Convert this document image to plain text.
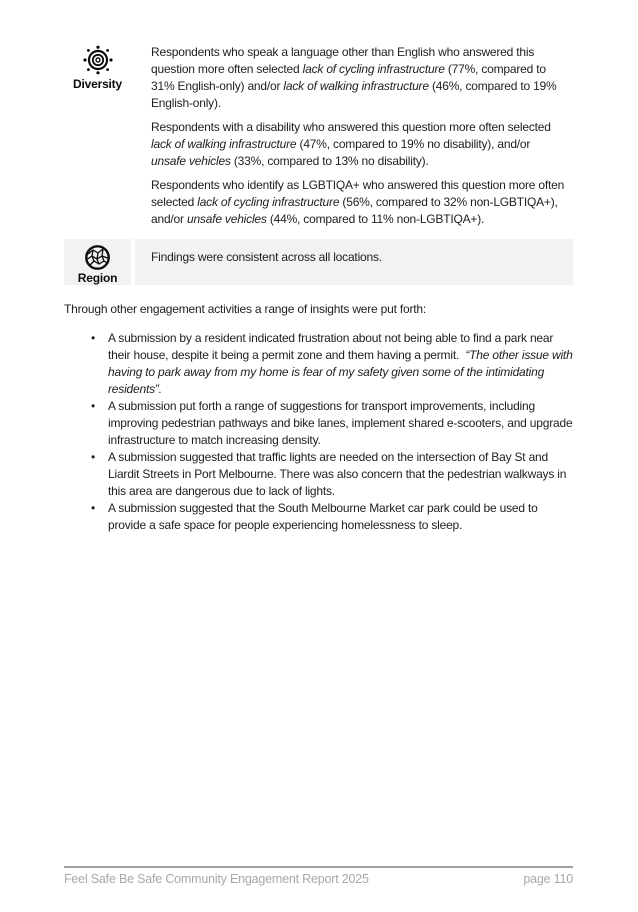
Diversity

Respondents who speak a language other than English who answered this question more often selected lack of cycling infrastructure (77%, compared to 31% English-only) and/or lack of walking infrastructure (46%, compared to 19% English-only).

Respondents with a disability who answered this question more often selected lack of walking infrastructure (47%, compared to 19% no disability), and/or unsafe vehicles (33%, compared to 13% no disability).

Respondents who identify as LGBTIQA+ who answered this question more often selected lack of cycling infrastructure (56%, compared to 32% non-LGBTIQA+), and/or unsafe vehicles (44%, compared to 11% non-LGBTIQA+).

Region

Findings were consistent across all locations.

Through other engagement activities a range of insights were put forth:

• A submission by a resident indicated frustration about not being able to find a park near their house, despite it being a permit zone and them having a permit.  “The other issue with having to park away from my home is fear of my safety given some of the intimidating residents”.
• A submission put forth a range of suggestions for transport improvements, including improving pedestrian pathways and bike lanes, implement shared e-scooters, and upgrade infrastructure to match increasing density.
• A submission suggested that traffic lights are needed on the intersection of Bay St and Liardit Streets in Port Melbourne. There was also concern that the pedestrian walkways in this area are dangerous due to lack of lights.
• A submission suggested that the South Melbourne Market car park could be used to provide a safe space for people experiencing homelessness to sleep.
Feel Safe Be Safe Community Engagement Report 2025	page 110
